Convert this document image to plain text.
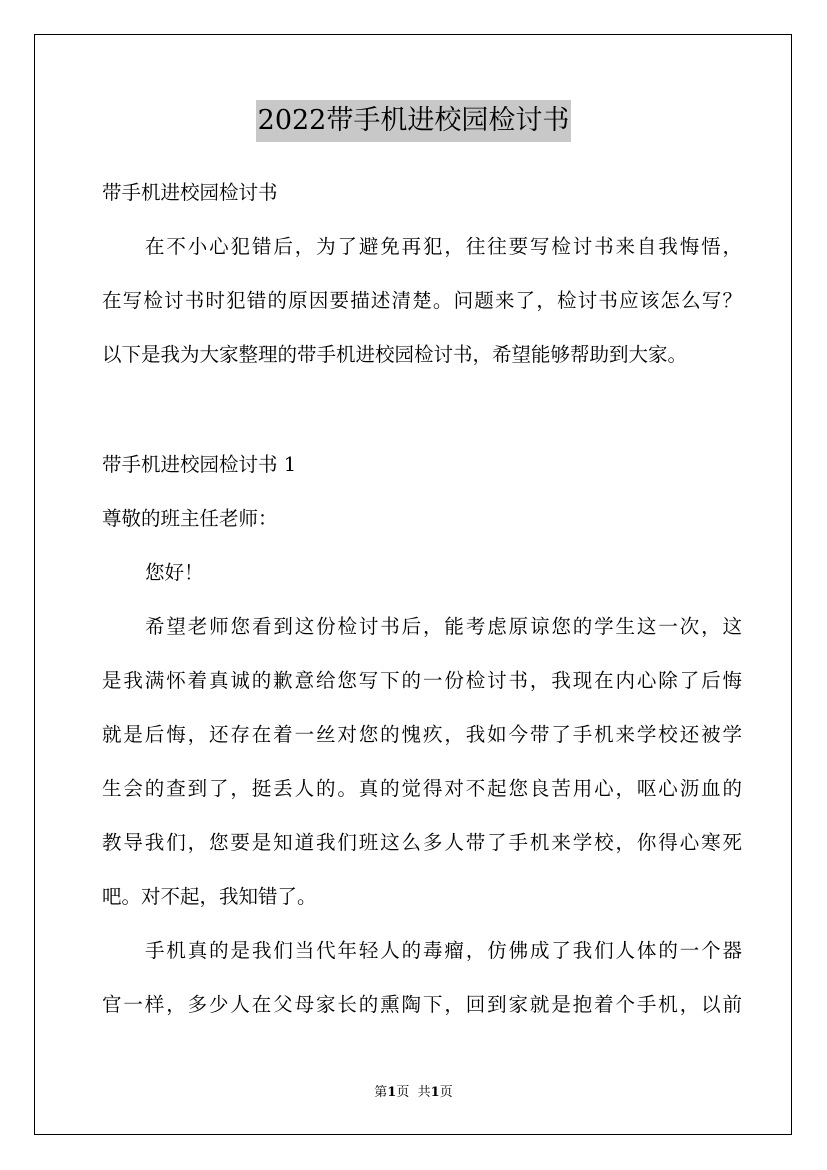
2022带手机进校园检讨书

带手机进校园检讨书

在不小心犯错后，为了避免再犯，往往要写检讨书来自我悔悟，

在写检讨书时犯错的原因要描述清楚。问题来了，检讨书应该怎么写？

以下是我为大家整理的带手机进校园检讨书，希望能够帮助到大家。

带手机进校园检讨书 1

尊敬的班主任老师：

您好！

希望老师您看到这份检讨书后，能考虑原谅您的学生这一次，这

是我满怀着真诚的歉意给您写下的一份检讨书，我现在内心除了后悔

就是后悔，还存在着一丝对您的愧疚，我如今带了手机来学校还被学

生会的查到了，挺丢人的。真的觉得对不起您良苦用心，呕心沥血的

教导我们，您要是知道我们班这么多人带了手机来学校，你得心寒死

吧。对不起，我知错了。

手机真的是我们当代年轻人的毒瘤，仿佛成了我们人体的一个器

官一样，多少人在父母家长的熏陶下，回到家就是抱着个手机，以前

第1页 共1页
